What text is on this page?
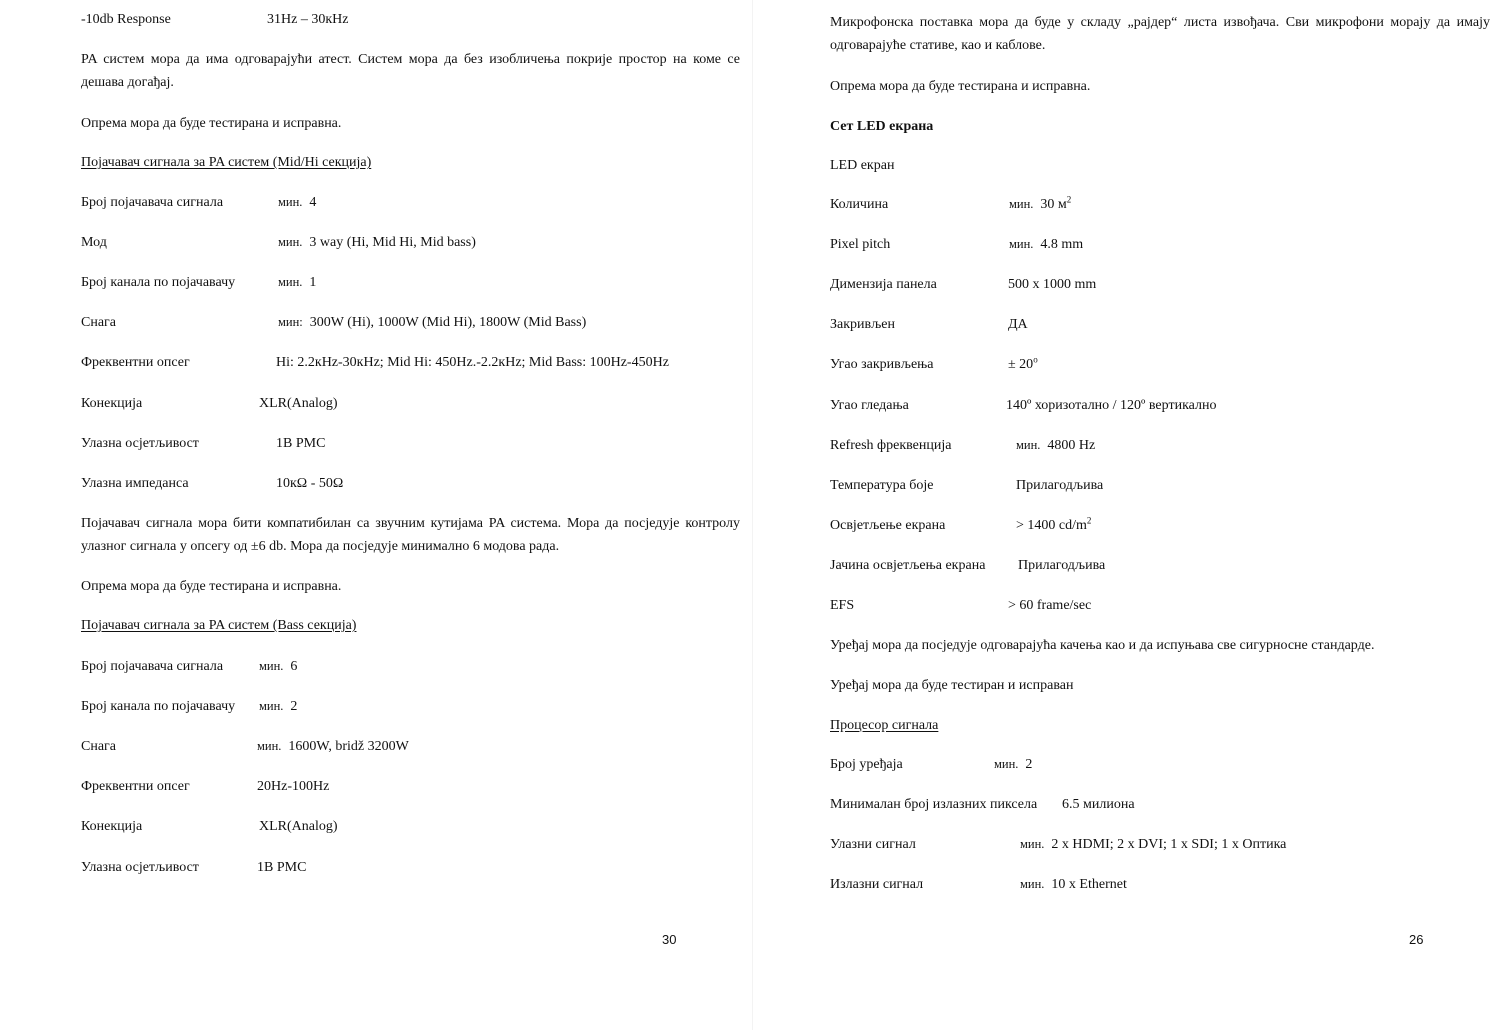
-10db Response	31Hz – 30кHz

PA систем мора да има одговарајући атест. Систем мора да без изобличења покрије простор на коме се дешава догађај.

Опрема мора да буде тестирана и исправна.

Појачавач сигнала за PA систем (Mid/Hi секција)

Број појачавача сигнала	мин. 4
Мод	мин. 3 way (Hi, Mid Hi, Mid bass)
Број канала по појачавачу	мин. 1
Снага	мин: 300W (Hi), 1000W (Mid Hi), 1800W (Mid Bass)
Фреквентни опсег	Hi: 2.2кHz-30кHz; Mid Hi: 450Hz.-2.2кHz; Mid Bass: 100Hz-450Hz
Конекција	XLR(Analog)
Улазна осјетљивост	1B PMC
Улазна импеданса	10кΩ - 50Ω

Појачавач сигнала мора бити компатибилан са звучним кутијама PA система. Мора да посједује контролу улазног сигнала у опсегу од ±6 db. Мора да посједује минимално 6 модова рада.

Опрема мора да буде тестирана и исправна.

Појачавач сигнала за PA систем (Bass секција)

Број појачавача сигнала	мин. 6
Број канала по појачавачу мин. 2
Снага	мин. 1600W, bridž 3200W
Фреквентни опсег	20Hz-100Hz
Конекција	XLR(Analog)
Улазна осјетљивост	1B PMC
30

Микрофонска поставка мора да буде у складу „рајдер“ листа извођача. Сви микрофони морају да имају одговарајуће стативе, као и каблове.

Опрема мора да буде тестирана и исправна.

Сет LED екрана

LED екран

Количина	мин. 30 $м^2$
Pixel pitch	мин. 4.8 mm
Димензија панела	500 x 1000 mm
Закривљен	ДА
Угао закривљења	± $20^o$
Угао гледања	140º хоризотално / 120º вертикално
Refresh фреквенција	мин. 4800 Hz
Температура боје	Прилагодљива
Освјетљење екрана	> 1400 $cd/m^2$
Јачина освјетљења екрана Прилагодљива
EFS	> 60 frame/sec

Уређај мора да посједује одговарајућа качења као и да испуњава све сигурносне стандарде.

Уређај мора да буде тестиран и исправан

Процесор сигнала

Број уређаја	мин. 2
Минималан број излазних пиксела 6.5 милиона
Улазни сигнал	мин. 2 x HDMI; 2 x DVI; 1 x SDI; 1 x Оптика
Излазни сигнал	мин. 10 x Ethernet
26
